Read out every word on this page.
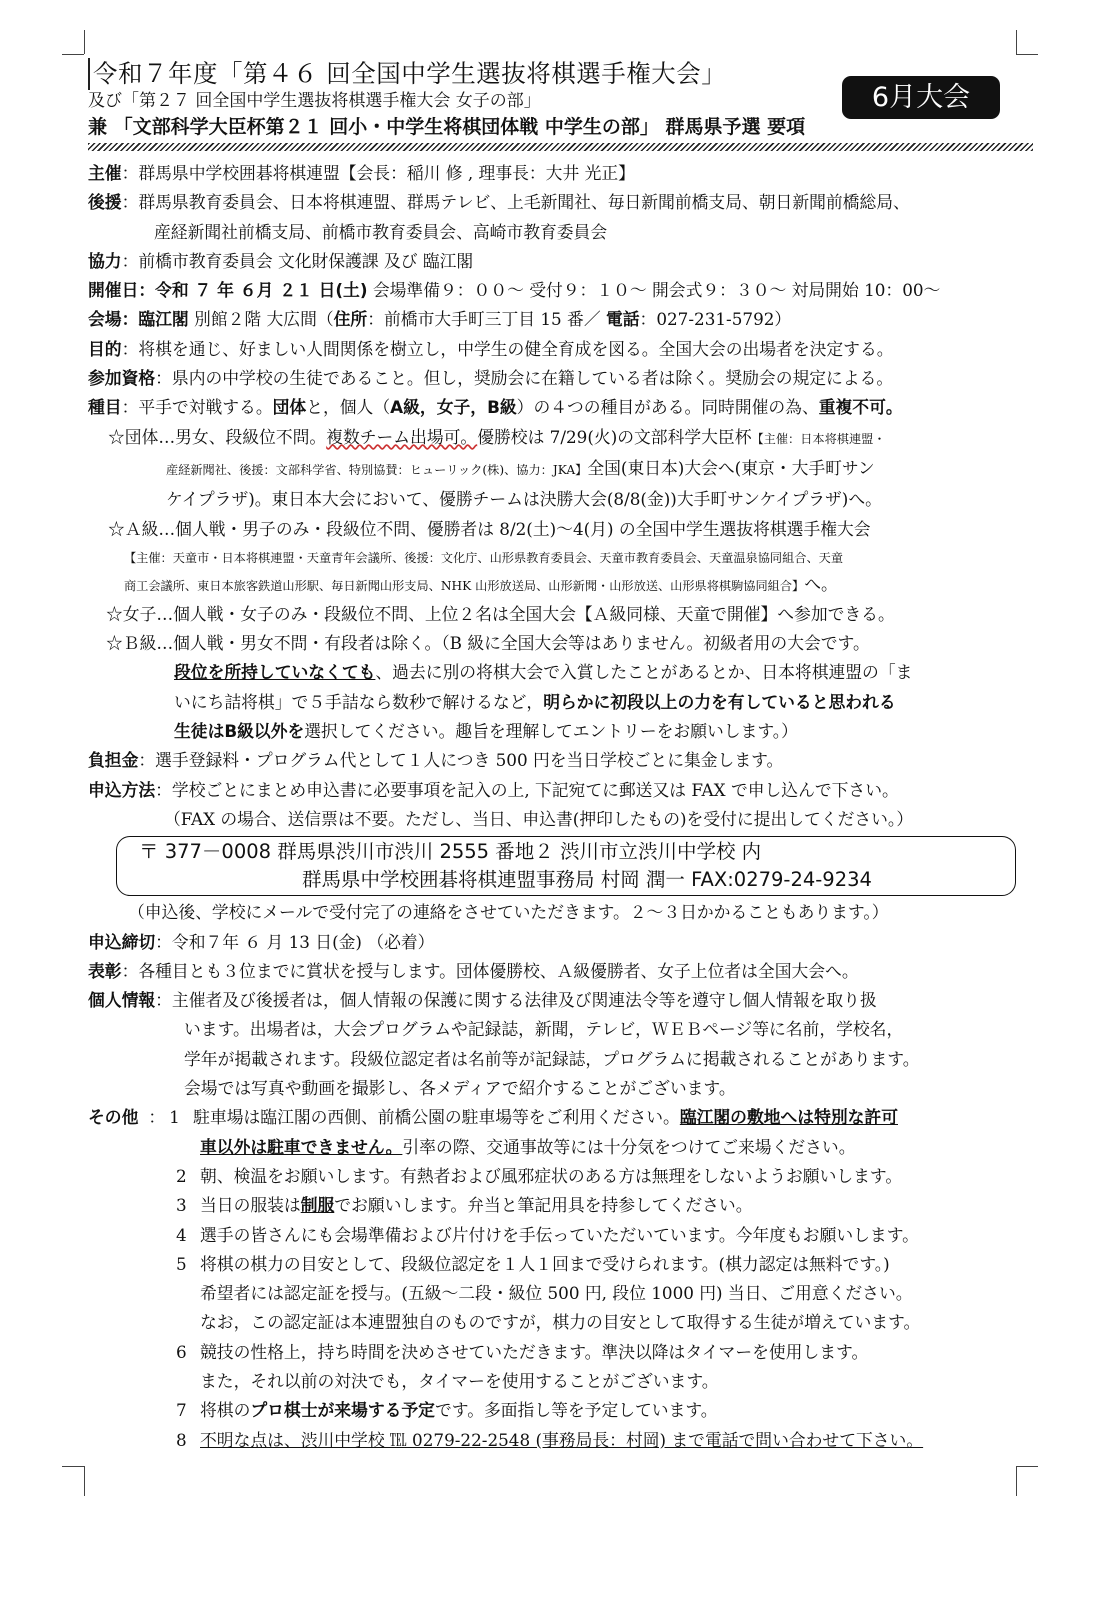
令和７年度「第４６ 回全国中学生選抜将棋選手権大会」
及び「第２７ 回全国中学生選抜将棋選手権大会 女子の部」
兼 「文部科学大臣杯第２１ 回小・中学生将棋団体戦 中学生の部」 群馬県予選 要項
6月大会
主催：群馬県中学校囲碁将棋連盟【会長：稲川 修 , 理事長：大井 光正】
後援：群馬県教育委員会、日本将棋連盟、群馬テレビ、上毛新聞社、毎日新聞前橋支局、朝日新聞前橋総局、
産経新聞社前橋支局、前橋市教育委員会、高崎市教育委員会
協力：前橋市教育委員会 文化財保護課 及び 臨江閣
開催日：令和 ７ 年 ６月 ２１ 日(土) 会場準備９：００～ 受付９：１０～ 開会式９：３０～ 対局開始 10：00～
会場：臨江閣 別館２階 大広間（住所：前橋市大手町三丁目 15 番／ 電話：027-231-5792）
目的：将棋を通じ、好ましい人間関係を樹立し，中学生の健全育成を図る。全国大会の出場者を決定する。
参加資格：県内の中学校の生徒であること。但し，奨励会に在籍している者は除く。奨励会の規定による。
種目：平手で対戦する。団体と，個人（A級，女子，B級）の４つの種目がある。同時開催の為、重複不可。
☆団体…男女、段級位不問。複数チーム出場可。優勝校は 7/29(火)の文部科学大臣杯【主催：日本将棋連盟・
産経新聞社、後援：文部科学省、特別協賛：ヒューリック(株)、協力：JKA】全国(東日本)大会へ(東京・大手町サン
ケイプラザ)。東日本大会において、優勝チームは決勝大会(8/8(金))大手町サンケイプラザ)へ。
☆Ａ級…個人戦・男子のみ・段級位不問、優勝者は 8/2(土)～4(月) の全国中学生選抜将棋選手権大会
【主催：天童市・日本将棋連盟・天童青年会議所、後援：文化庁、山形県教育委員会、天童市教育委員会、天童温泉協同組合、天童
商工会議所、東日本旅客鉄道山形駅、毎日新聞山形支局、NHK 山形放送局、山形新聞・山形放送、山形県将棋駒協同組合】へ。
☆女子…個人戦・女子のみ・段級位不問、上位２名は全国大会【Ａ級同様、天童で開催】へ参加できる。
☆Ｂ級…個人戦・男女不問・有段者は除く。（B 級に全国大会等はありません。初級者用の大会です。
段位を所持していなくても、過去に別の将棋大会で入賞したことがあるとか、日本将棋連盟の「ま
いにち詰将棋」で５手詰なら数秒で解けるなど，明らかに初段以上の力を有していると思われる
生徒はB級以外を選択してください。趣旨を理解してエントリーをお願いします。）
負担金：選手登録料・プログラム代として１人につき 500 円を当日学校ごとに集金します。
申込方法：学校ごとにまとめ申込書に必要事項を記入の上, 下記宛てに郵送又は FAX で申し込んで下さい。
（FAX の場合、送信票は不要。ただし、当日、申込書(押印したもの)を受付に提出してください。）
〒 377－0008 群馬県渋川市渋川 2555 番地２ 渋川市立渋川中学校 内
群馬県中学校囲碁将棋連盟事務局 村岡 潤一 FAX:0279-24-9234
（申込後、学校にメールで受付完了の連絡をさせていただきます。２～３日かかることもあります。）
申込締切：令和７年 ６ 月 13 日(金) （必着）
表彰：各種目とも３位までに賞状を授与します。団体優勝校、Ａ級優勝者、女子上位者は全国大会へ。
個人情報：主催者及び後援者は，個人情報の保護に関する法律及び関連法令等を遵守し個人情報を取り扱
います。出場者は，大会プログラムや記録誌，新聞，テレビ，ＷＥＢページ等に名前，学校名，
学年が掲載されます。段級位認定者は名前等が記録誌，プログラムに掲載されることがあります。
会場では写真や動画を撮影し、各メディアで紹介することがございます。
その他 ： 1 駐車場は臨江閣の西側、前橋公園の駐車場等をご利用ください。臨江閣の敷地へは特別な許可
車以外は駐車できません。引率の際、交通事故等には十分気をつけてご来場ください。
2 朝、検温をお願いします。有熱者および風邪症状のある方は無理をしないようお願いします。
3 当日の服装は制服でお願いします。弁当と筆記用具を持参してください。
4 選手の皆さんにも会場準備および片付けを手伝っていただいています。今年度もお願いします。
5 将棋の棋力の目安として、段級位認定を１人１回まで受けられます。(棋力認定は無料です。)
希望者には認定証を授与。(五級～二段・級位 500 円, 段位 1000 円) 当日、ご用意ください。
なお，この認定証は本連盟独自のものですが，棋力の目安として取得する生徒が増えています。
6 競技の性格上，持ち時間を決めさせていただきます。準決以降はタイマーを使用します。
また，それ以前の対決でも，タイマーを使用することがございます。
7 将棋のプロ棋士が来場する予定です。多面指し等を予定しています。
8 不明な点は、渋川中学校 ℡ 0279-22-2548 (事務局長：村岡) まで電話で問い合わせて下さい。
